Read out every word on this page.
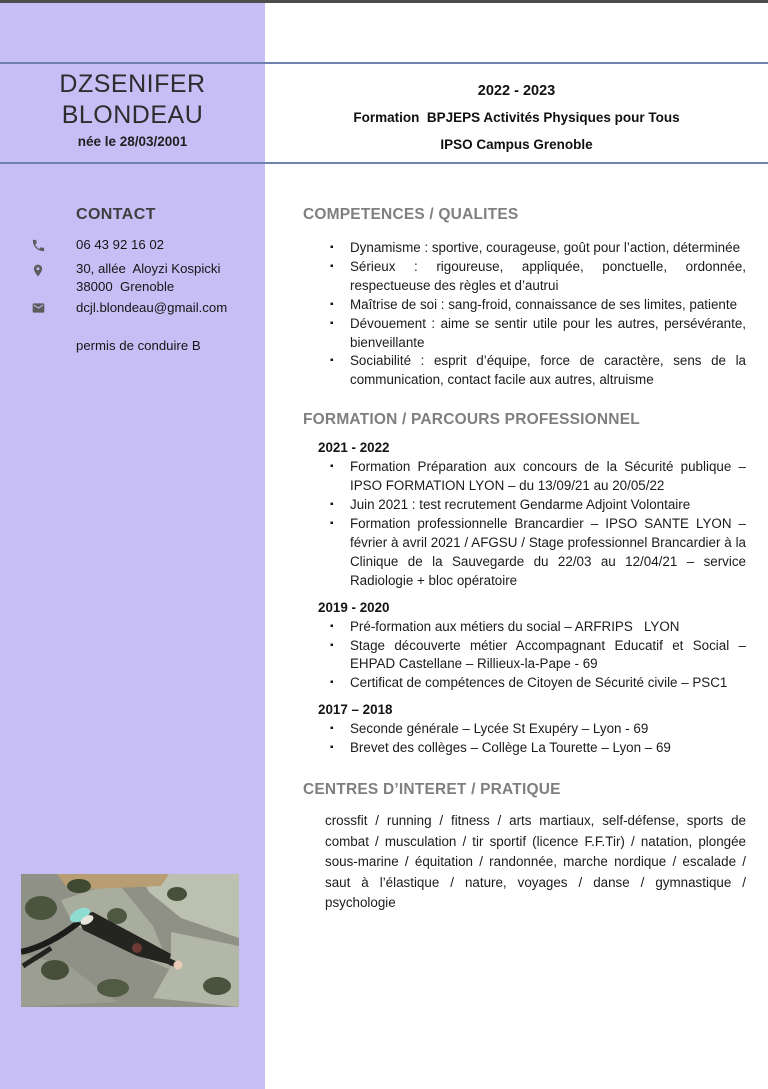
DZSENIFER
BLONDEAU
née le 28/03/2001
2022 - 2023
Formation  BPJEPS Activités Physiques pour Tous
IPSO Campus Grenoble
CONTACT
06 43 92 16 02
30, allée  Aloyzi Kospicki
38000  Grenoble
dcjl.blondeau@gmail.com
permis de conduire B
COMPETENCES / QUALITES
▪ Dynamisme : sportive, courageuse, goût pour l’action, déterminée
▪ Sérieux : rigoureuse, appliquée, ponctuelle, ordonnée, respectueuse des règles et d’autrui
▪ Maîtrise de soi : sang-froid, connaissance de ses limites, patiente
▪ Dévouement : aime se sentir utile pour les autres, persévérante, bienveillante
▪ Sociabilité : esprit d’équipe, force de caractère, sens de la communication, contact facile aux autres, altruisme
FORMATION / PARCOURS PROFESSIONNEL
2021 - 2022
▪ Formation Préparation aux concours de la Sécurité publique – IPSO FORMATION LYON – du 13/09/21 au 20/05/22
▪ Juin 2021 : test recrutement Gendarme Adjoint Volontaire
▪ Formation professionnelle Brancardier – IPSO SANTE LYON – février à avril 2021 / AFGSU / Stage professionnel Brancardier à la Clinique de la Sauvegarde du 22/03 au 12/04/21 – service Radiologie + bloc opératoire
2019 - 2020
▪ Pré-formation aux métiers du social – ARFRIPS   LYON
▪ Stage découverte métier Accompagnant Educatif et Social – EHPAD Castellane – Rillieux-la-Pape - 69
▪ Certificat de compétences de Citoyen de Sécurité civile – PSC1
2017 – 2018
▪ Seconde générale – Lycée St Exupéry – Lyon - 69
▪ Brevet des collèges – Collège La Tourette – Lyon – 69
CENTRES D’INTERET / PRATIQUE
crossfit / running / fitness / arts martiaux, self-défense, sports de combat / musculation / tir sportif (licence F.F.Tir) / natation, plongée sous-marine / équitation / randonnée, marche nordique / escalade / saut à l’élastique / nature, voyages / danse / gymnastique / psychologie
